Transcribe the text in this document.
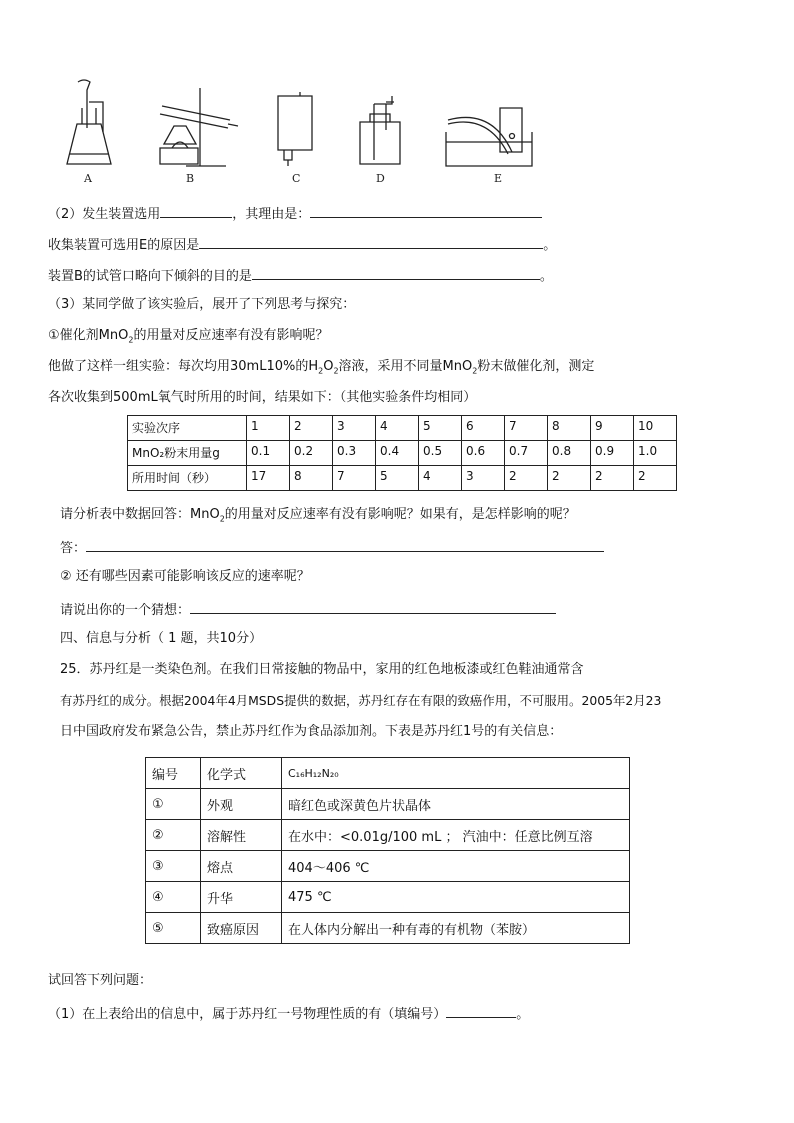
A	B	C	D	E
（2）发生装置选用	，其理由是：
收集装置可选用E的原因是	。
装置B的试管口略向下倾斜的目的是	。
（3）某同学做了该实验后，展开了下列思考与探究：
①催化剂MnO$_2$的用量对反应速率有没有影响呢？
他做了这样一组实验：每次均用30mL10%的$H_2O_2$溶液，采用不同量MnO$_2$粉末做催化剂，测定
各次收集到500mL氧气时所用的时间，结果如下：（其他实验条件均相同）
实验次序	1	2	3	4	5	6	7	8	9	10
MnO₂粉末用量g	0.1	0.2	0.3	0.4	0.5	0.6	0.7	0.8	0.9	1.0
所用时间（秒）	17	8	7	5	4	3	2	2	2	2
请分析表中数据回答：MnO$_2$的用量对反应速率有没有影响呢？如果有，是怎样影响的呢？
答：
② 还有哪些因素可能影响该反应的速率呢？
请说出你的一个猜想：
四、信息与分析（ 1 题，共10分）
25．苏丹红是一类染色剂。在我们日常接触的物品中，家用的红色地板漆或红色鞋油通常含
有苏丹红的成分。根据2004年4月MSDS提供的数据，苏丹红存在有限的致癌作用，不可服用。2005年2月23
日中国政府发布紧急公告，禁止苏丹红作为食品添加剂。下表是苏丹红1号的有关信息：
编号	化学式	C₁₆H₁₂N₂₀
①	外观	暗红色或深黄色片状晶体
②	溶解性	在水中：<0.01g/100 mL ； 汽油中：任意比例互溶
③	熔点	404～406 ℃
④	升华	475 ℃
⑤	致癌原因	在人体内分解出一种有毒的有机物（苯胺）
试回答下列问题：
（1）在上表给出的信息中，属于苏丹红一号物理性质的有（填编号）	。
